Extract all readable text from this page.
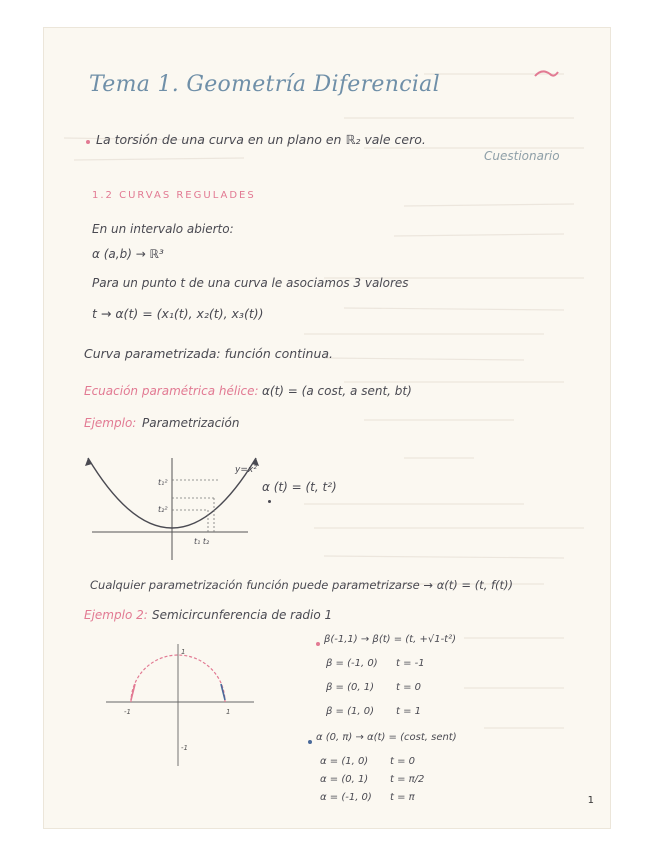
Tema 1. Geometría Diferencial
La torsión de una curva en un plano en ℝ₂ vale cero.
Cuestionario
1.2 CURVAS REGULADES
En un intervalo abierto:
α (a,b) → ℝ³
Para un punto t de una curva le asociamos 3 valores
t → α(t) = (x₁(t), x₂(t), x₃(t))
Curva parametrizada: función continua.
Ecuación paramétrica hélice: α(t) = (a cost, a sent, bt)
Ejemplo: Parametrización
y=x²
t₁²
t₂²
t₁ t₂
α (t) = (t, t²)
Cualquier parametrización función puede parametrizarse → α(t) = (t, f(t))
Ejemplo 2: Semicircunferencia de radio 1
-1	1
1
-1
β(-1,1) → β(t) = (t, +√1-t²)
β = (-1, 0) t = -1
β = (0, 1) t = 0
β = (1, 0) t = 1
α (0, π) → α(t) = (cost, sent)
α = (1, 0) t = 0
α = (0, 1) t = π/2
α = (-1, 0) t = π	1
